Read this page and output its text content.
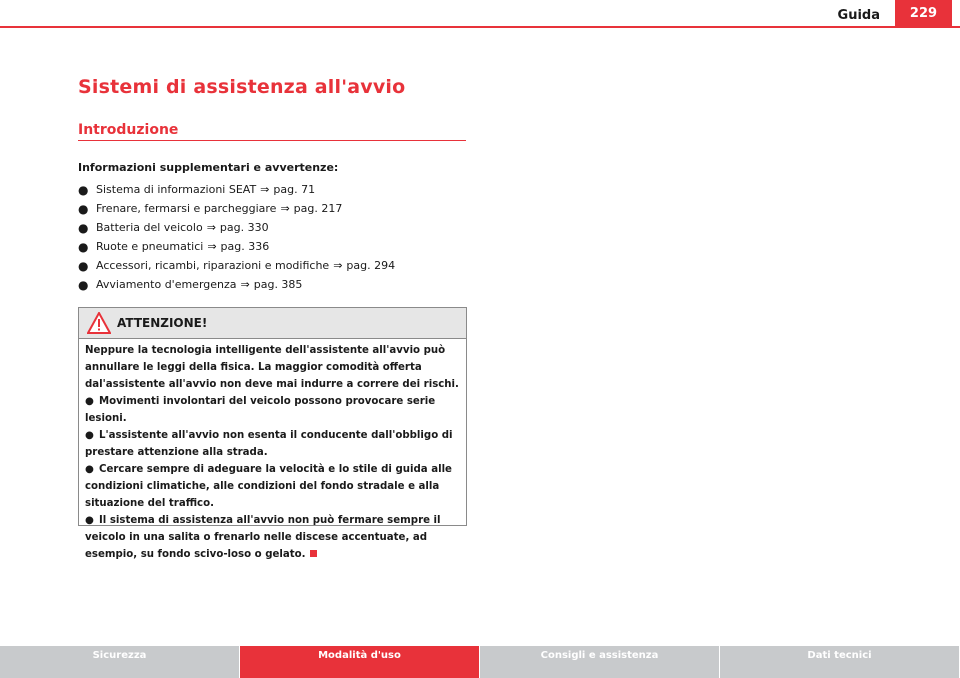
Guida	229
Sistemi di assistenza all'avvio
Introduzione
Informazioni supplementari e avvertenze:
● Sistema di informazioni SEAT ⇒ pag. 71
● Frenare, fermarsi e parcheggiare ⇒ pag. 217
● Batteria del veicolo ⇒ pag. 330
● Ruote e pneumatici ⇒ pag. 336
● Accessori, ricambi, riparazioni e modifiche ⇒ pag. 294
● Avviamento d'emergenza ⇒ pag. 385
ATTENZIONE!

Neppure la tecnologia intelligente dell'assistente all'avvio può annullare le leggi della fisica. La maggior comodità offerta dal'assistente all'avvio non deve mai indurre a correre dei rischi.

● Movimenti involontari del veicolo possono provocare serie lesioni.

● L'assistente all'avvio non esenta il conducente dall'obbligo di prestare attenzione alla strada.

● Cercare sempre di adeguare la velocità e lo stile di guida alle condizioni climatiche, alle condizioni del fondo stradale e alla situazione del traffico.

● Il sistema di assistenza all'avvio non può fermare sempre il veicolo in una salita o frenarlo nelle discese accentuate, ad esempio, su fondo scivo-loso o gelato.

Sicurezza	Modalità d'uso	Consigli e assistenza	Dati tecnici
